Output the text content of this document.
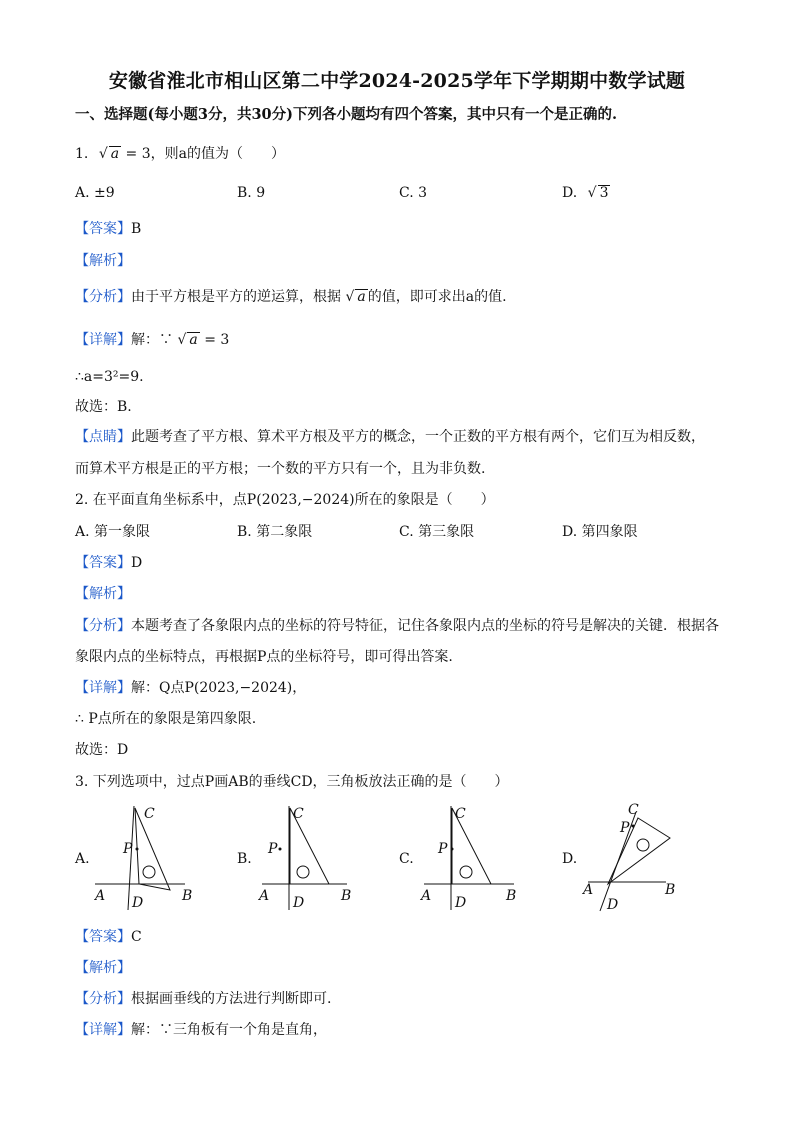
安徽省淮北市相山区第二中学2024-2025学年下学期期中数学试题
一、选择题(每小题3分，共30分)下列各小题均有四个答案，其中只有一个是正确的.
1. √ a = 3，则a的值为（　　）
A. ±9	B. 9	C. 3	D. √ 3
【答案】B
【解析】
【分析】由于平方根是平方的逆运算，根据 √ a 的值，即可求出a的值.
【详解】解：∵ √ a = 3
∴a=3²=9.
故选：B.
【点睛】此题考查了平方根、算术平方根及平方的概念，一个正数的平方根有两个，它们互为相反数，
而算术平方根是正的平方根；一个数的平方只有一个，且为非负数.
2. 在平面直角坐标系中，点P(2023,−2024)所在的象限是（　　）
A. 第一象限	B. 第二象限	C. 第三象限	D. 第四象限
【答案】D
【解析】
【分析】本题考查了各象限内点的坐标的符号特征，记住各象限内点的坐标的符号是解决的关键．根据各
象限内点的坐标特点，再根据P点的坐标符号，即可得出答案.
【详解】解：Q点P(2023,−2024)，
∴ P点所在的象限是第四象限.
故选：D
3. 下列选项中，过点P画AB的垂线CD，三角板放法正确的是（　　）
A.	B.	C.	D.
C
P
A D	B
C
P
A D	B
C
P
A D	B
C
P
A
D
B
【答案】C
【解析】
【分析】根据画垂线的方法进行判断即可.
【详解】解：∵三角板有一个角是直角，
